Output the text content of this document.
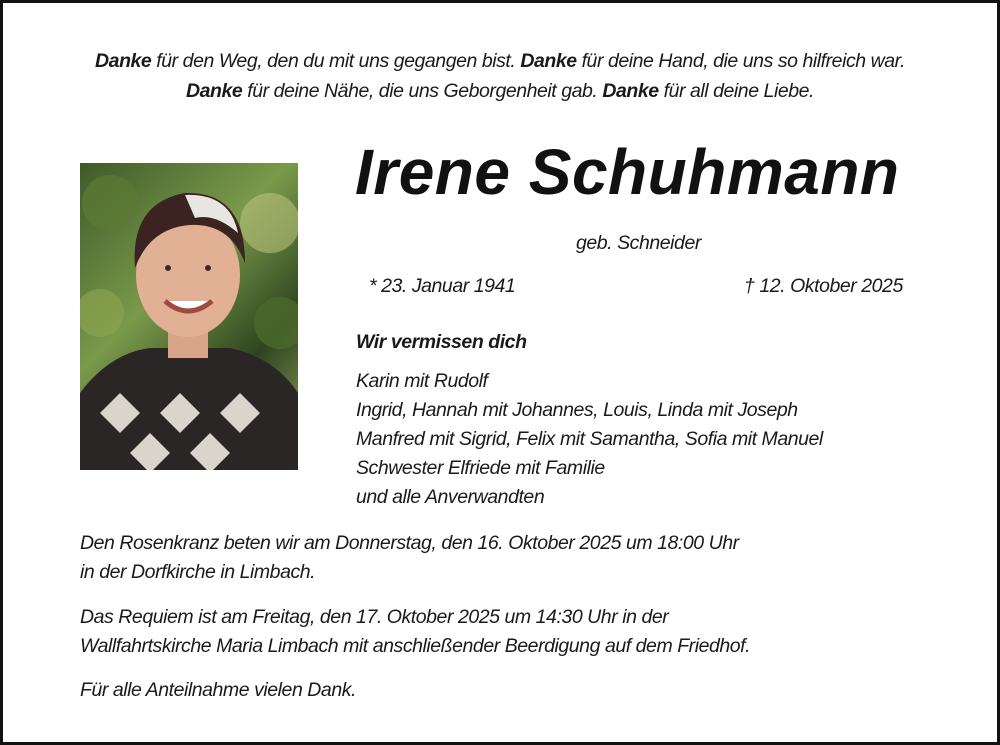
Danke für den Weg, den du mit uns gegangen bist. Danke für deine Hand, die uns so hilfreich war.
Danke für deine Nähe, die uns Geborgenheit gab. Danke für all deine Liebe.
Irene Schuhmann
geb. Schneider
* 23. Januar 1941	† 12. Oktober 2025
Wir vermissen dich
Karin mit Rudolf
Ingrid, Hannah mit Johannes, Louis, Linda mit Joseph
Manfred mit Sigrid, Felix mit Samantha, Sofia mit Manuel
Schwester Elfriede mit Familie
und alle Anverwandten
Den Rosenkranz beten wir am Donnerstag, den 16. Oktober 2025 um 18:00 Uhr
in der Dorfkirche in Limbach.
Das Requiem ist am Freitag, den 17. Oktober 2025 um 14:30 Uhr in der
Wallfahrtskirche Maria Limbach mit anschließender Beerdigung auf dem Friedhof.
Für alle Anteilnahme vielen Dank.
